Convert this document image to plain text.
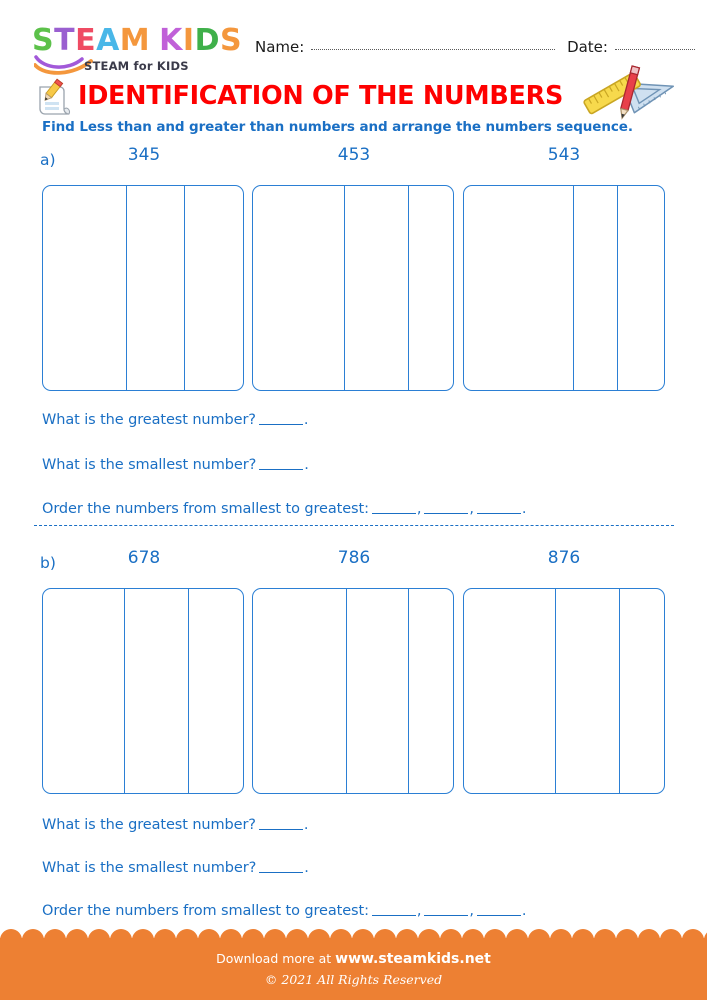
STEAM KIDS
STEAM for KIDS
Name:	Date:
IDENTIFICATION OF THE NUMBERS
Find Less than and greater than numbers and arrange the numbers sequence.
a)	345	453	543
What is the greatest number?	.
What is the smallest number?	.
Order the numbers from smallest to greatest:	,	,	.
b)	678	786	876
What is the greatest number?	.
What is the smallest number?	.
Order the numbers from smallest to greatest:	,	,	.
Download more at www.steamkids.net
© 2021 All Rights Reserved
